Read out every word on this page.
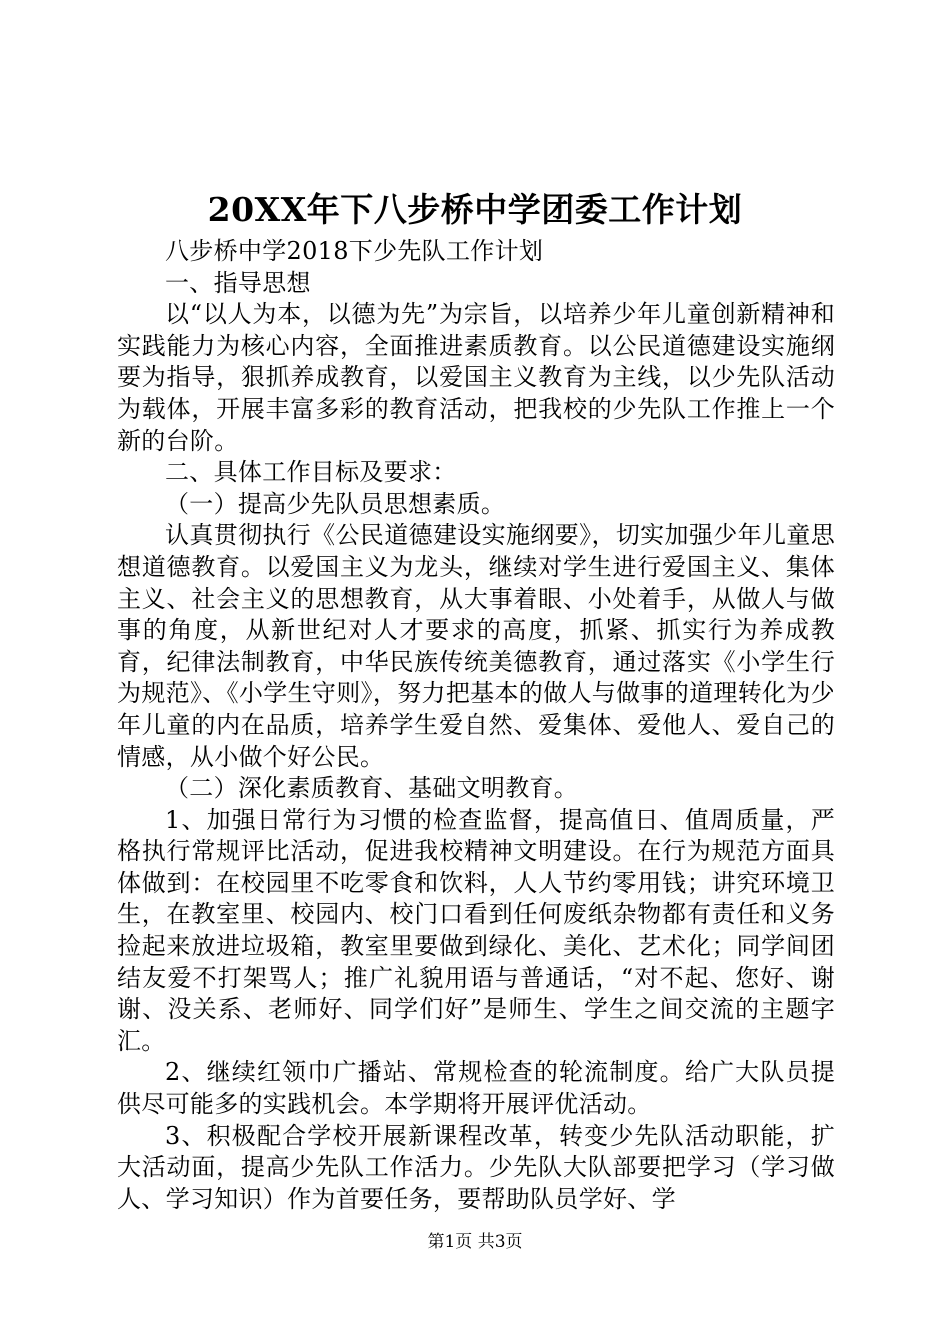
20XX年下八步桥中学团委工作计划

八步桥中学2018下少先队工作计划

一、指导思想

以“以人为本，以德为先”为宗旨，以培养少年儿童创新精神和实践能力为核心内容，全面推进素质教育。以公民道德建设实施纲要为指导，狠抓养成教育，以爱国主义教育为主线，以少先队活动为载体，开展丰富多彩的教育活动，把我校的少先队工作推上一个新的台阶。

二、具体工作目标及要求：

（一）提高少先队员思想素质。

认真贯彻执行《公民道德建设实施纲要》，切实加强少年儿童思想道德教育。以爱国主义为龙头，继续对学生进行爱国主义、集体主义、社会主义的思想教育，从大事着眼、小处着手，从做人与做事的角度，从新世纪对人才要求的高度，抓紧、抓实行为养成教育，纪律法制教育，中华民族传统美德教育，通过落实《小学生行为规范》、《小学生守则》，努力把基本的做人与做事的道理转化为少年儿童的内在品质，培养学生爱自然、爱集体、爱他人、爱自己的情感，从小做个好公民。

（二）深化素质教育、基础文明教育。

1、加强日常行为习惯的检查监督，提高值日、值周质量，严格执行常规评比活动，促进我校精神文明建设。在行为规范方面具体做到：在校园里不吃零食和饮料，人人节约零用钱；讲究环境卫生，在教室里、校园内、校门口看到任何废纸杂物都有责任和义务捡起来放进垃圾箱，教室里要做到绿化、美化、艺术化；同学间团结友爱不打架骂人；推广礼貌用语与普通话，“对不起、您好、谢谢、没关系、老师好、同学们好”是师生、学生之间交流的主题字汇。

2、继续红领巾广播站、常规检查的轮流制度。给广大队员提供尽可能多的实践机会。本学期将开展评优活动。

3、积极配合学校开展新课程改革，转变少先队活动职能，扩大活动面，提高少先队工作活力。少先队大队部要把学习（学习做人、学习知识）作为首要任务，要帮助队员学好、学

第1页 共3页
